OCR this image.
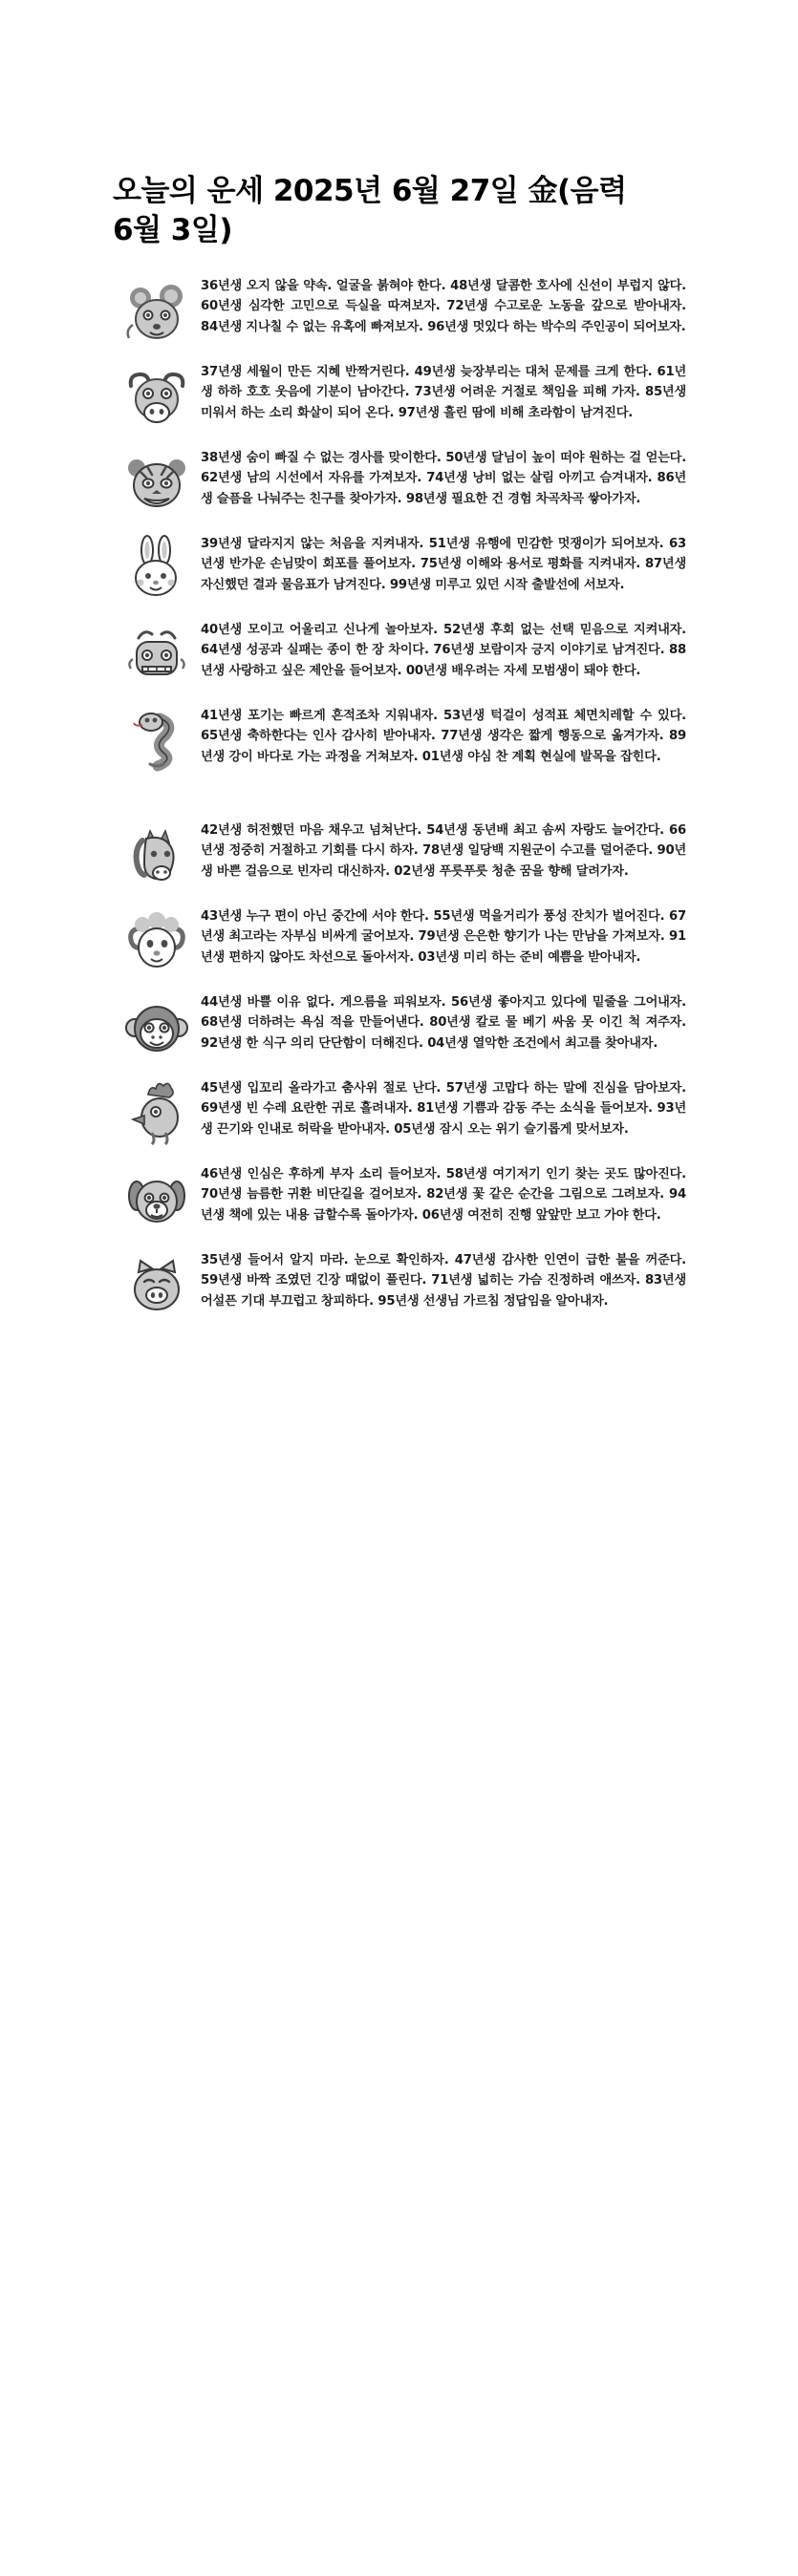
오늘의 운세 2025년 6월 27일 金(음력 6월 3일)
36년생 오지 않을 약속. 얼굴을 붉혀야 한다. 48년생 달콤한 호사에 신선이 부럽지 않다. 60년생 심각한 고민으로 득실을 따져보자. 72년생 수고로운 노동을 갚으로 받아내자. 84년생 지나칠 수 없는 유혹에 빠져보자. 96년생 멋있다 하는 박수의 주인공이 되어보자.
37년생 세월이 만든 지혜 반짝거린다. 49년생 늦장부리는 대처 문제를 크게 한다. 61년생 하하 호호 웃음에 기분이 남아간다. 73년생 어려운 거절로 책임을 피해 가자. 85년생 미워서 하는 소리 화살이 되어 온다. 97년생 흘린 땀에 비해 초라함이 남겨진다.
38년생 숨이 빠질 수 없는 경사를 맞이한다. 50년생 달님이 높이 떠야 원하는 걸 얻는다. 62년생 남의 시선에서 자유를 가져보자. 74년생 낭비 없는 살림 아끼고 슴겨내자. 86년생 슬픔을 나눠주는 친구를 찾아가자. 98년생 필요한 건 경험 차곡차곡 쌓아가자.
39년생 달라지지 않는 처음을 지켜내자. 51년생 유행에 민감한 멋쟁이가 되어보자. 63년생 반가운 손님맞이 회포를 풀어보자. 75년생 이해와 용서로 평화를 지켜내자. 87년생 자신했던 결과 물음표가 남겨진다. 99년생 미루고 있던 시작 출발선에 서보자.
40년생 모이고 어울리고 신나게 놀아보자. 52년생 후회 없는 선택 믿음으로 지켜내자. 64년생 성공과 실패는 종이 한 장 차이다. 76년생 보람이자 긍지 이야기로 남겨진다. 88년생 사랑하고 싶은 제안을 들어보자. 00년생 배우려는 자세 모범생이 돼야 한다.
41년생 포기는 빠르게 흔적조차 지워내자. 53년생 턱걸이 성적표 체면치레할 수 있다. 65년생 축하한다는 인사 감사히 받아내자. 77년생 생각은 짧게 행동으로 옮겨가자. 89년생 강이 바다로 가는 과정을 거쳐보자. 01년생 야심 찬 계획 현실에 발목을 잡힌다.
42년생 허전했던 마음 채우고 넘쳐난다. 54년생 동년배 최고 솜씨 자랑도 늘어간다. 66년생 정중히 거절하고 기회를 다시 하자. 78년생 일당백 지원군이 수고를 덜어준다. 90년생 바쁜 걸음으로 빈자리 대신하자. 02년생 푸릇푸릇 청춘 꿈을 향해 달려가자.
43년생 누구 편이 아닌 중간에 서야 한다. 55년생 먹을거리가 풍성 잔치가 벌어진다. 67년생 최고라는 자부심 비싸게 굴어보자. 79년생 은은한 향기가 나는 만남을 가져보자. 91년생 편하지 않아도 차선으로 돌아서자. 03년생 미리 하는 준비 예쁨을 받아내자.
44년생 바쁠 이유 없다. 게으름을 피워보자. 56년생 좋아지고 있다에 밑줄을 그어내자. 68년생 더하려는 욕심 적을 만들어낸다. 80년생 칼로 물 베기 싸움 못 이긴 척 져주자. 92년생 한 식구 의리 단단함이 더해진다. 04년생 열악한 조건에서 최고를 찾아내자.
45년생 입꼬리 올라가고 춤사위 절로 난다. 57년생 고맙다 하는 말에 진심을 담아보자. 69년생 빈 수레 요란한 귀로 흘려내자. 81년생 기쁨과 감동 주는 소식을 들어보자. 93년생 끈기와 인내로 허락을 받아내자. 05년생 잠시 오는 위기 슬기롭게 맞서보자.
46년생 인심은 후하게 부자 소리 들어보자. 58년생 여기저기 인기 찾는 곳도 많아진다. 70년생 늠름한 귀환 비단길을 걸어보자. 82년생 꽃 같은 순간을 그림으로 그려보자. 94년생 책에 있는 내용 급할수록 돌아가자. 06년생 여전히 진행 앞앞만 보고 가야 한다.
35년생 들어서 알지 마라. 눈으로 확인하자. 47년생 감사한 인연이 급한 불을 꺼준다. 59년생 바짝 조였던 긴장 때없이 풀린다. 71년생 넓히는 가슴 진정하려 애쓰자. 83년생 어설픈 기대 부끄럽고 창피하다. 95년생 선생님 가르침 정답임을 알아내자.
